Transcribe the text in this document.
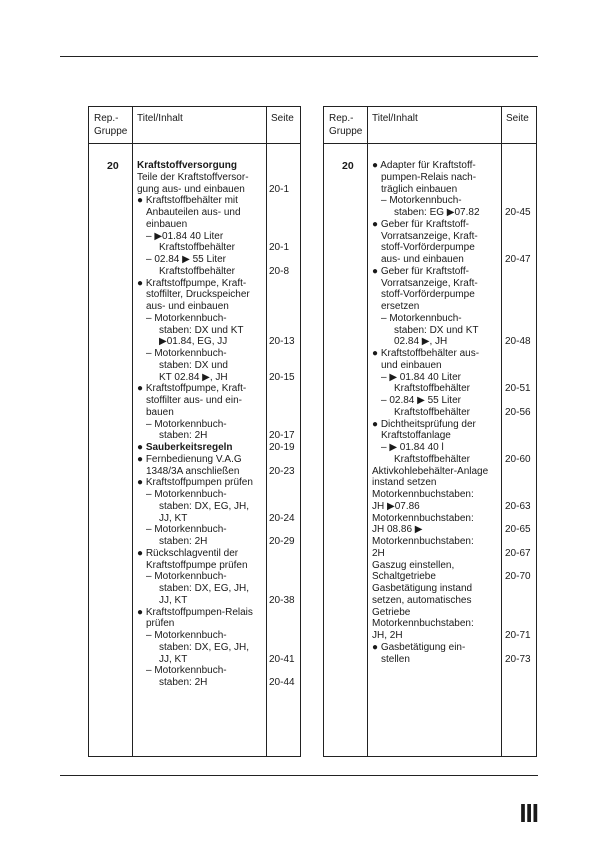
Rep.-
Gruppe
Titel/Inhalt	Seite
20 Kraftstoffversorgung
Teile der Kraftstoffversor-
gung aus- und einbauen	20-1
● Kraftstoffbehälter mit
Anbauteilen aus- und
einbauen
– ▶01.84 40 Liter
Kraftstoffbehälter	20-1
– 02.84 ▶ 55 Liter
Kraftstoffbehälter	20-8
● Kraftstoffpumpe, Kraft-
stoffilter, Druckspeicher
aus- und einbauen
– Motorkennbuch-
staben: DX und KT
▶01.84, EG, JJ	20-13
– Motorkennbuch-
staben: DX und
KT 02.84 ▶, JH	20-15
● Kraftstoffpumpe, Kraft-
stoffilter aus- und ein-
bauen
– Motorkennbuch-
staben: 2H	20-17
● Sauberkeitsregeln	20-19
● Fernbedienung V.A.G
1348/3A anschließen	20-23
● Kraftstoffpumpen prüfen
– Motorkennbuch-
staben: DX, EG, JH,
JJ, KT	20-24
– Motorkennbuch-
staben: 2H	20-29
● Rückschlagventil der
Kraftstoffpumpe prüfen
– Motorkennbuch-
staben: DX, EG, JH,
JJ, KT	20-38
● Kraftstoffpumpen-Relais
prüfen
– Motorkennbuch-
staben: DX, EG, JH,
JJ, KT	20-41
– Motorkennbuch-
staben: 2H	20-44
Rep.-
Gruppe
Titel/Inhalt	Seite
20 ● Adapter für Kraftstoff-
pumpen-Relais nach-
träglich einbauen
– Motorkennbuch-
staben: EG ▶07.82	20-45
● Geber für Kraftstoff-
Vorratsanzeige, Kraft-
stoff-Vorförderpumpe
aus- und einbauen	20-47
● Geber für Kraftstoff-
Vorratsanzeige, Kraft-
stoff-Vorförderpumpe
ersetzen
– Motorkennbuch-
staben: DX und KT
02.84 ▶, JH	20-48
● Kraftstoffbehälter aus-
und einbauen
– ▶ 01.84 40 Liter
Kraftstoffbehälter	20-51
– 02.84 ▶ 55 Liter
Kraftstoffbehälter	20-56
● Dichtheitsprüfung der
Kraftstoffanlage
– ▶ 01.84 40 l
Kraftstoffbehälter	20-60
Aktivkohlebehälter-Anlage
instand setzen
Motorkennbuchstaben:
JH ▶07.86	20-63
Motorkennbuchstaben:
JH 08.86 ▶	20-65
Motorkennbuchstaben:
2H	20-67
Gaszug einstellen,
Schaltgetriebe	20-70
Gasbetätigung instand
setzen, automatisches
Getriebe
Motorkennbuchstaben:
JH, 2H	20-71
● Gasbetätigung ein-
stellen	20-73
III
